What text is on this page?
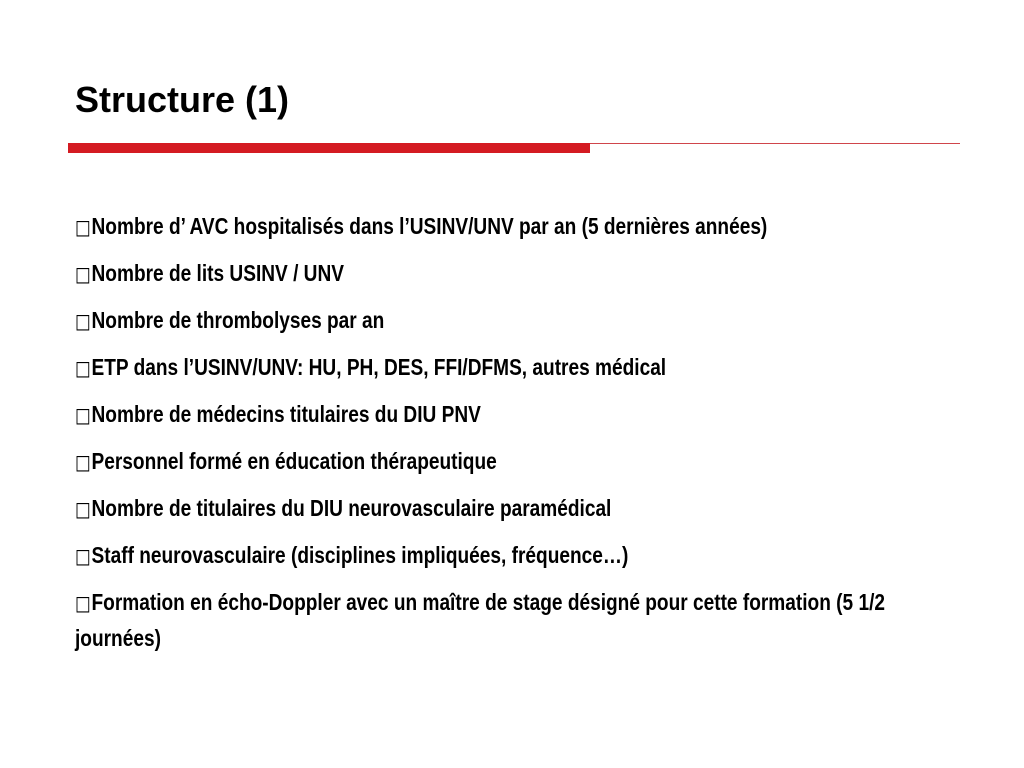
Structure (1)
□Nombre d’ AVC hospitalisés dans l’USINV/UNV par an (5 dernières années)
□Nombre de lits USINV / UNV
□Nombre de thrombolyses par an
□ETP dans l’USINV/UNV: HU, PH, DES, FFI/DFMS, autres médical
□Nombre de médecins titulaires du DIU PNV
□Personnel formé en éducation thérapeutique
□Nombre de titulaires du DIU neurovasculaire paramédical
□Staff neurovasculaire (disciplines impliquées, fréquence…)
□Formation en écho-Doppler avec un maître de stage désigné pour cette formation (5 1/2 journées)
